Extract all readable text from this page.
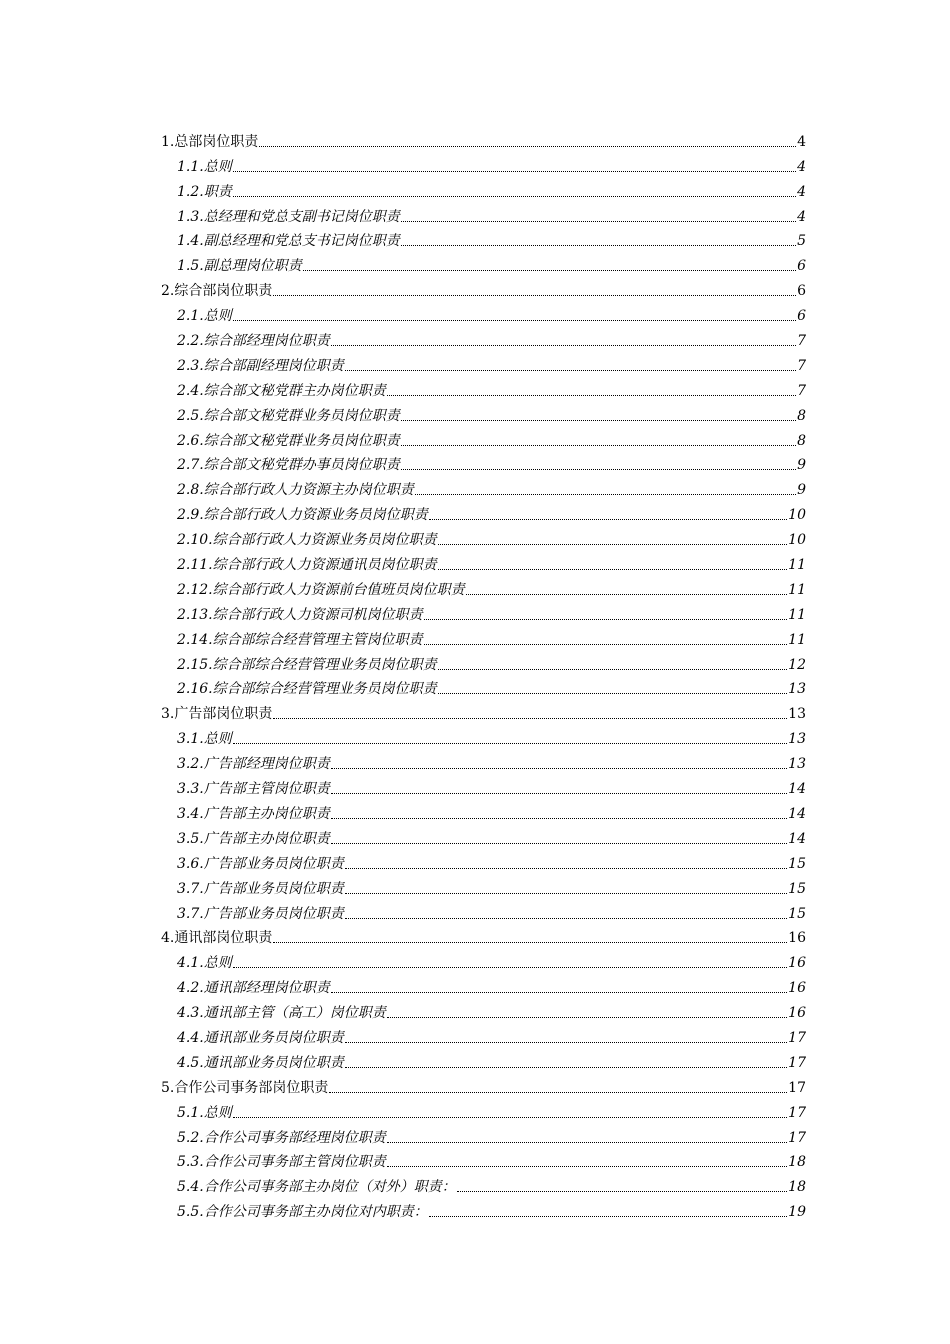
1.总部岗位职责	4
1.1.总则	4
1.2.职责	4
1.3.总经理和党总支副书记岗位职责	4
1.4.副总经理和党总支书记岗位职责	5
1.5.副总理岗位职责	6
2.综合部岗位职责	6
2.1.总则	6
2.2.综合部经理岗位职责	7
2.3.综合部副经理岗位职责	7
2.4.综合部文秘党群主办岗位职责	7
2.5.综合部文秘党群业务员岗位职责	8
2.6.综合部文秘党群业务员岗位职责	8
2.7.综合部文秘党群办事员岗位职责	9
2.8.综合部行政人力资源主办岗位职责	9
2.9.综合部行政人力资源业务员岗位职责	10
2.10.综合部行政人力资源业务员岗位职责	10
2.11.综合部行政人力资源通讯员岗位职责	11
2.12.综合部行政人力资源前台值班员岗位职责	11
2.13.综合部行政人力资源司机岗位职责	11
2.14.综合部综合经营管理主管岗位职责	11
2.15.综合部综合经营管理业务员岗位职责	12
2.16.综合部综合经营管理业务员岗位职责	13
3.广告部岗位职责	13
3.1.总则	13
3.2.广告部经理岗位职责	13
3.3.广告部主管岗位职责	14
3.4.广告部主办岗位职责	14
3.5.广告部主办岗位职责	14
3.6.广告部业务员岗位职责	15
3.7.广告部业务员岗位职责	15
3.7.广告部业务员岗位职责	15
4.通讯部岗位职责	16
4.1.总则	16
4.2.通讯部经理岗位职责	16
4.3.通讯部主管（高工）岗位职责	16
4.4.通讯部业务员岗位职责	17
4.5.通讯部业务员岗位职责	17
5.合作公司事务部岗位职责	17
5.1.总则	17
5.2.合作公司事务部经理岗位职责	17
5.3.合作公司事务部主管岗位职责	18
5.4.合作公司事务部主办岗位（对外）职责：	18
5.5.合作公司事务部主办岗位对内职责：	19
